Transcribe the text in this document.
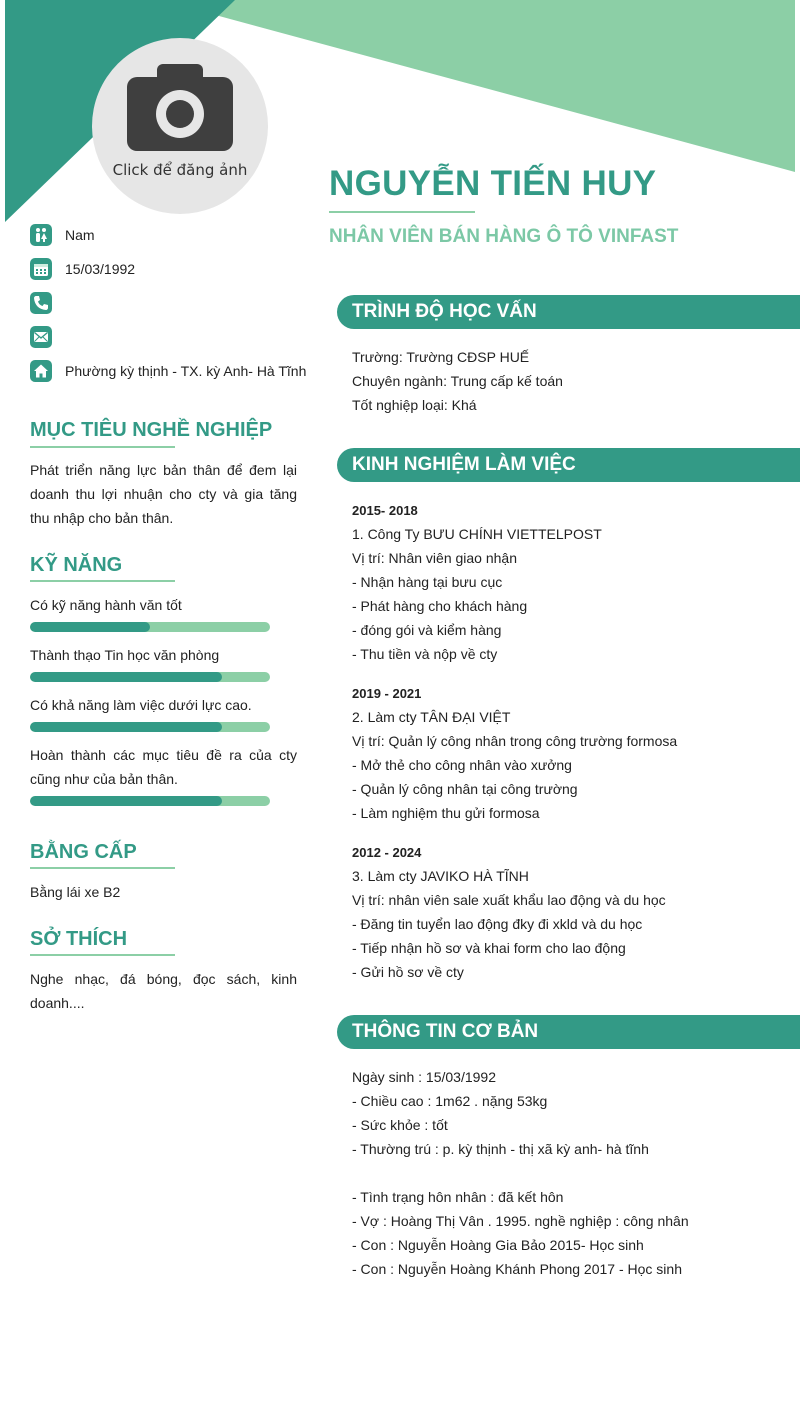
Click để đăng ảnh	NGUYỄN TIẾN HUY
NHÂN VIÊN BÁN HÀNG Ô TÔ VINFAST
Nam
15/03/1992
Phường kỳ thịnh - TX. kỳ Anh- Hà Tĩnh
MỤC TIÊU NGHỀ NGHIỆP
Phát triển năng lực bản thân để đem lại doanh thu lợi nhuận cho cty và gia tăng thu nhập cho bản thân.
KỸ NĂNG
Có kỹ năng hành văn tốt
Thành thạo Tin học văn phòng
Có khả năng làm việc dưới lực cao.
Hoàn thành các mục tiêu đề ra của cty cũng như của bản thân.
BẰNG CẤP
Bằng lái xe B2
SỞ THÍCH
Nghe nhạc, đá bóng, đọc sách, kinh doanh....
TRÌNH ĐỘ HỌC VẤN
Trường: Trường CĐSP HUẾ
Chuyên ngành: Trung cấp kế toán
Tốt nghiệp loại: Khá
KINH NGHIỆM LÀM VIỆC
2015- 2018
1. Công Ty BƯU CHÍNH VIETTELPOST
Vị trí: Nhân viên giao nhận
- Nhận hàng tại bưu cục
- Phát hàng cho khách hàng
- đóng gói và kiểm hàng
- Thu tiền và nộp về cty
2019 - 2021
2. Làm cty TÂN ĐẠI VIỆT
Vị trí: Quản lý công nhân trong công trường formosa
- Mở thẻ cho công nhân vào xưởng
- Quản lý công nhân tại công trường
- Làm nghiệm thu gửi formosa
2012 - 2024
3. Làm cty JAVIKO HÀ TĨNH
Vị trí: nhân viên sale xuất khẩu lao động và du học
- Đăng tin tuyển lao động đky đi xkld và du học
- Tiếp nhận hồ sơ và khai form cho lao động
- Gửi hồ sơ về cty
THÔNG TIN CƠ BẢN
Ngày sinh : 15/03/1992
- Chiều cao : 1m62 . nặng 53kg
- Sức khỏe : tốt
- Thường trú : p. kỳ thịnh - thị xã kỳ anh- hà tĩnh
- Tình trạng hôn nhân : đã kết hôn
- Vợ : Hoàng Thị Vân . 1995. nghề nghiệp : công nhân
- Con : Nguyễn Hoàng Gia Bảo 2015- Học sinh
- Con : Nguyễn Hoàng Khánh Phong 2017 - Học sinh
